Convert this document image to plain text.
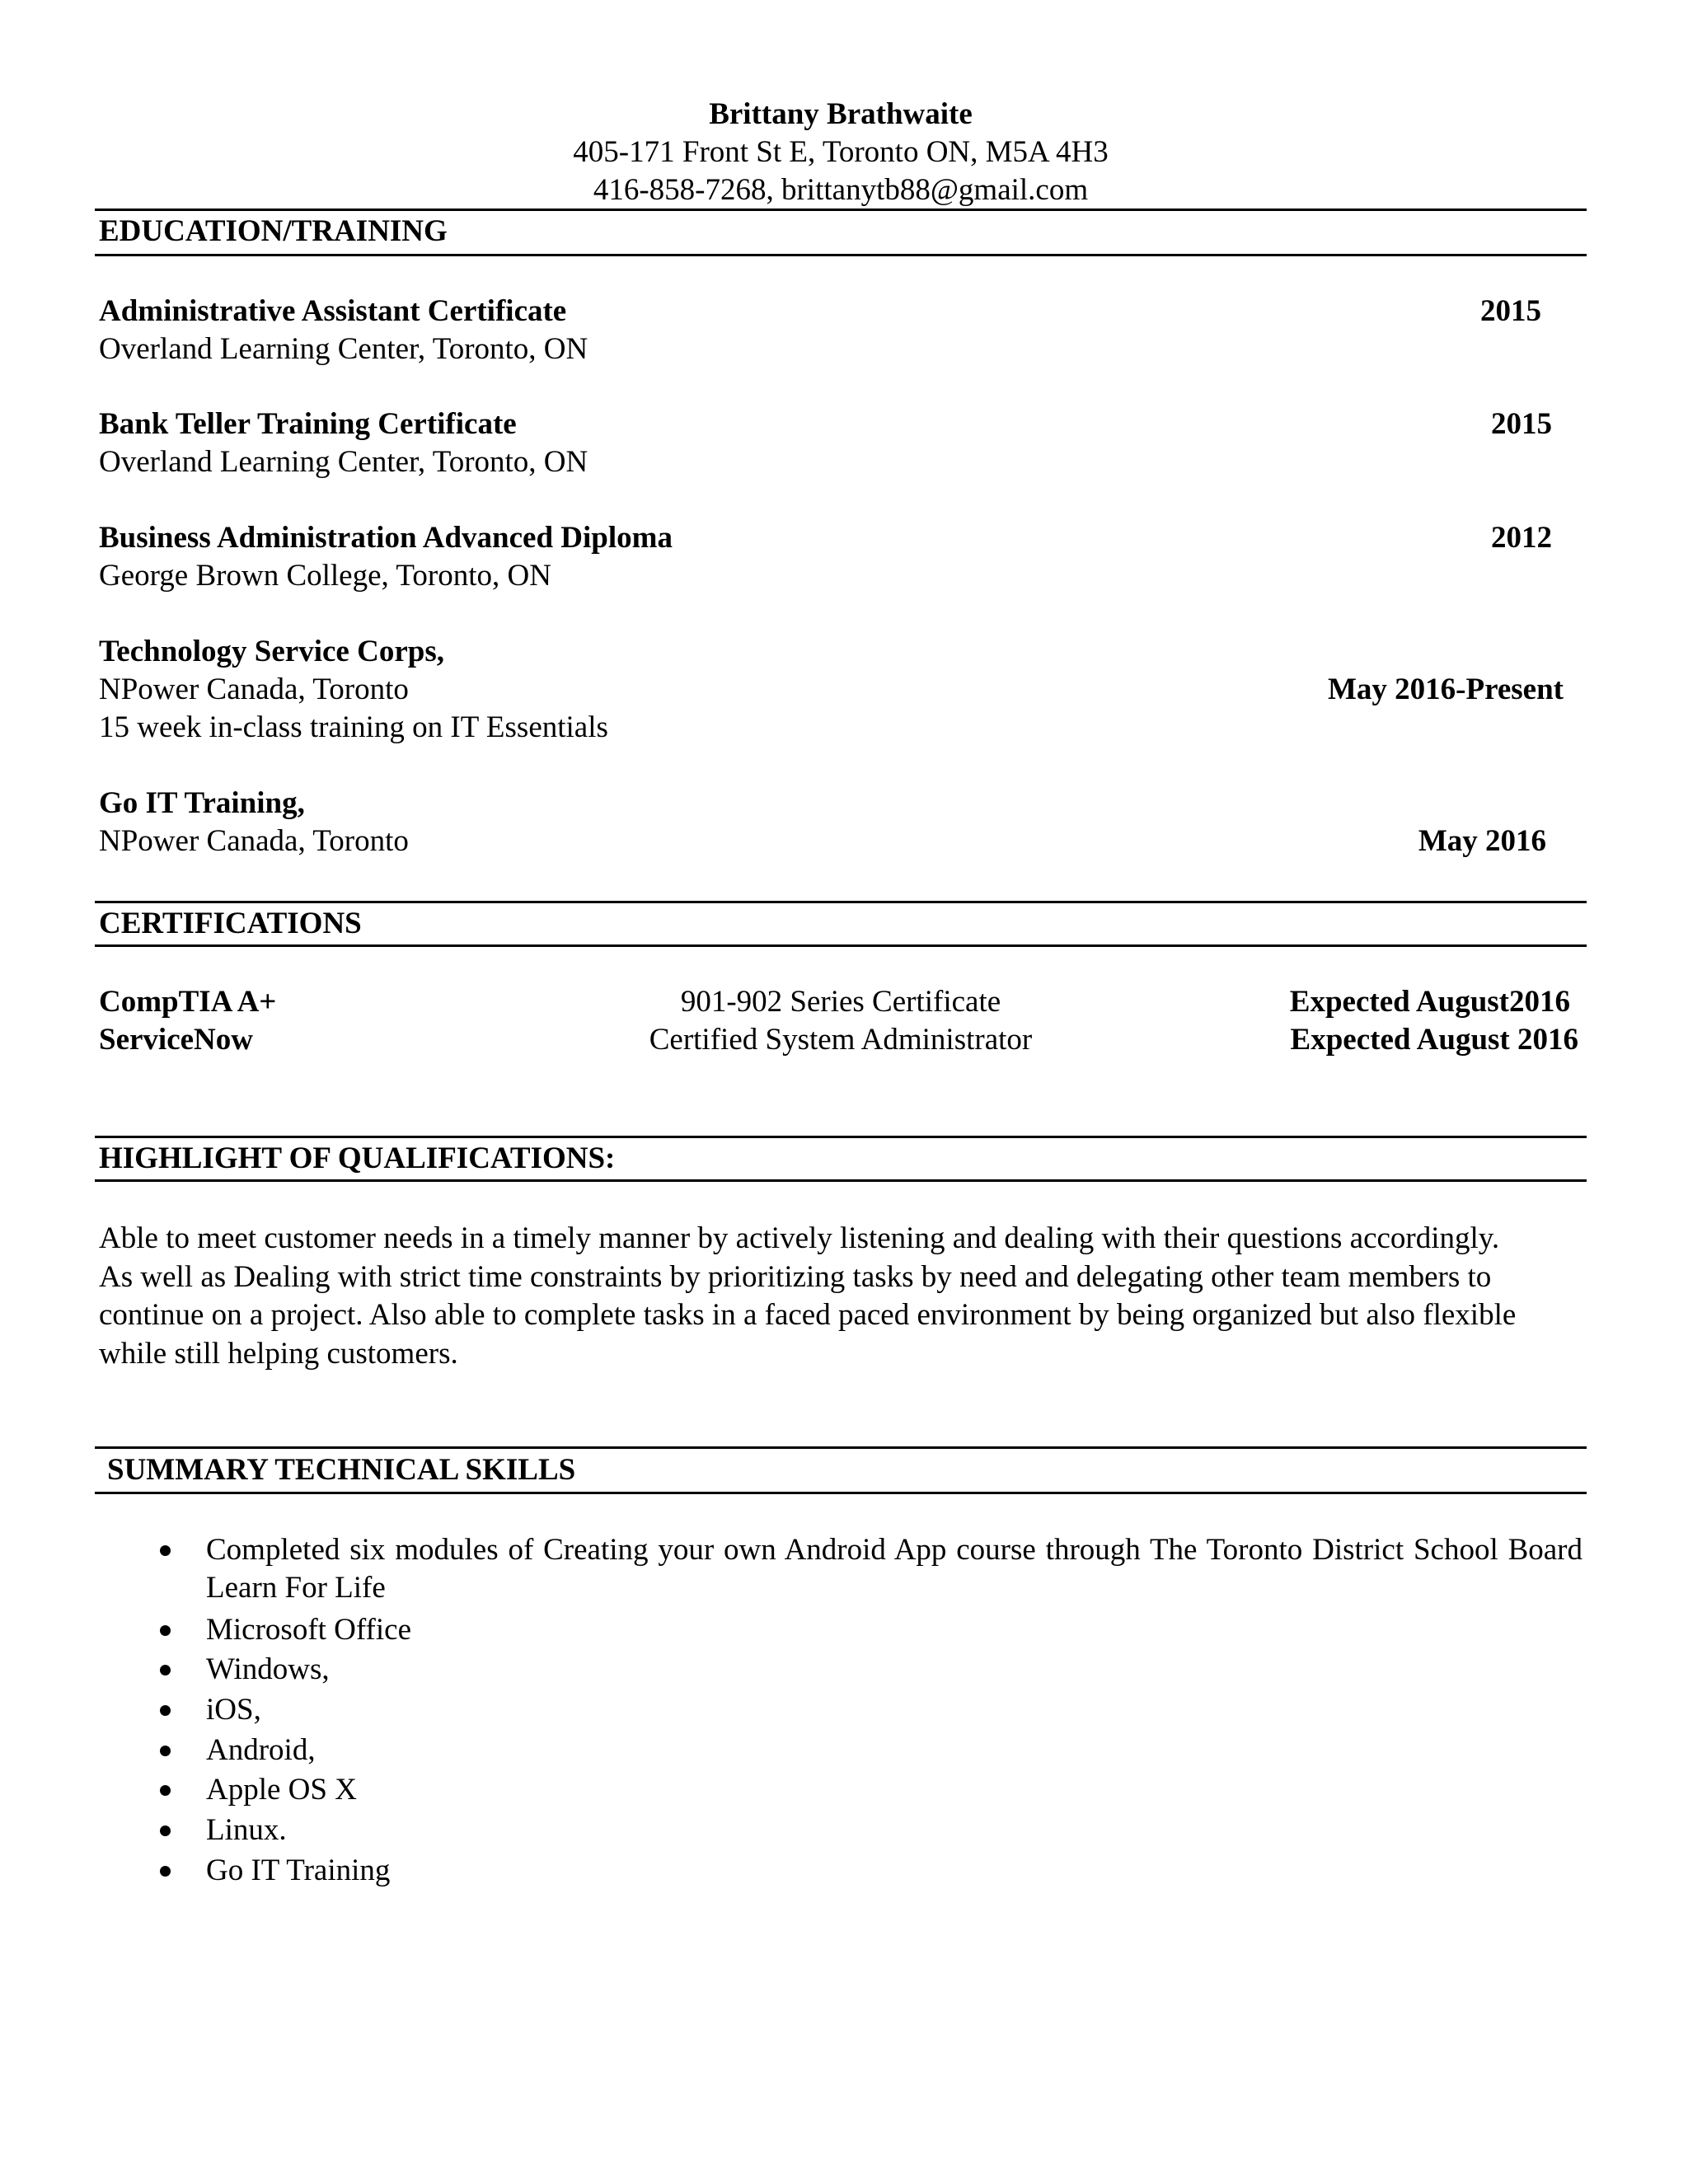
Brittany Brathwaite
405-171 Front St E, Toronto ON, M5A 4H3
416-858-7268, brittanytb88@gmail.com
EDUCATION/TRAINING
Administrative Assistant Certificate	2015
Overland Learning Center, Toronto, ON
Bank Teller Training Certificate	2015
Overland Learning Center, Toronto, ON
Business Administration Advanced Diploma	2012
George Brown College, Toronto, ON
Technology Service Corps,
NPower Canada, Toronto	May 2016-Present
15 week in-class training on IT Essentials
Go IT Training,
NPower Canada, Toronto	May 2016
CERTIFICATIONS
CompTIA A+	901-902 Series Certificate	Expected August2016
ServiceNow	Certified System Administrator	Expected August 2016
HIGHLIGHT OF QUALIFICATIONS:
Able to meet customer needs in a timely manner by actively listening and dealing with their questions accordingly. As well as Dealing with strict time constraints by prioritizing tasks by need and delegating other team members to continue on a project. Also able to complete tasks in a faced paced environment by being organized but also flexible while still helping customers.
SUMMARY TECHNICAL SKILLS
Completed six modules of Creating your own Android App course through The Toronto District School Board Learn For Life
Microsoft Office
Windows,
iOS,
Android,
Apple OS X
Linux.
Go IT Training
